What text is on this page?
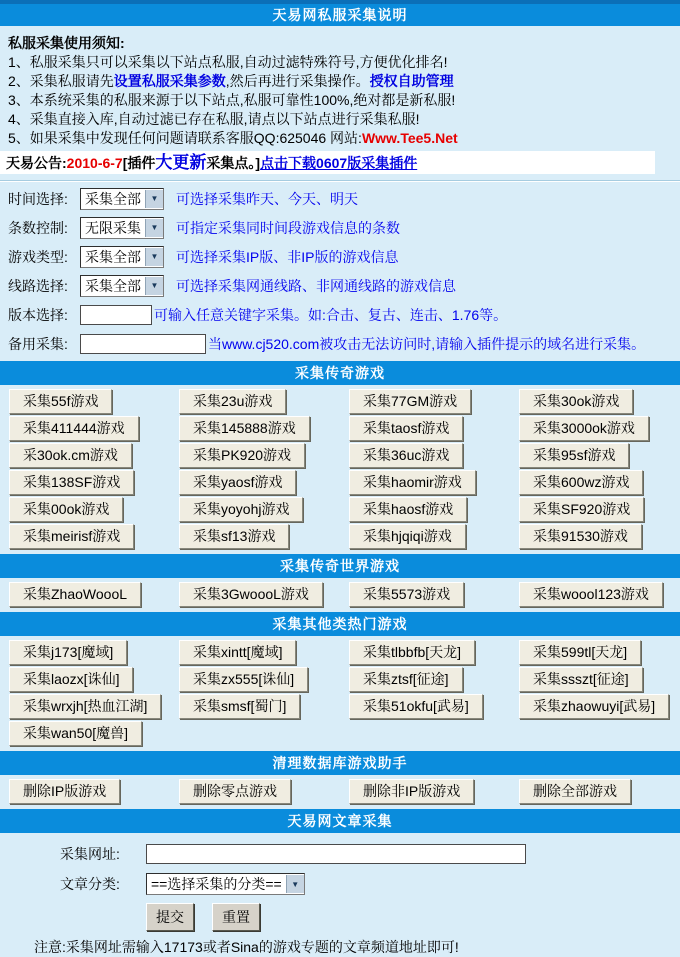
天易网私服采集说明
私服采集使用须知:
1、私服采集只可以采集以下站点私服,自动过滤特殊符号,方便优化排名!
2、采集私服请先设置私服采集参数,然后再进行采集操作。授权自助管理
3、本系统采集的私服来源于以下站点,私服可靠性100%,绝对都是新私服!
4、采集直接入库,自动过滤已存在私服,请点以下站点进行采集私服!
5、如果采集中发现任何问题请联系客服QQ:625046 网站:Www.Tee5.Net
天易公告:2010-6-7[插件大更新采集点。]点击下载0607版采集插件
时间选择:	采集全部	▼	可选择采集昨天、今天、明天
条数控制:	无限采集	▼	可指定采集同时间段游戏信息的条数
游戏类型:	采集全部	▼	可选择采集IP版、非IP版的游戏信息
线路选择:	采集全部	▼	可选择采集网通线路、非网通线路的游戏信息
版本选择:	可输入任意关键字采集。如:合击、复古、连击、1.76等。
备用采集:	当www.cj520.com被攻击无法访问时,请输入插件提示的域名进行采集。
采集传奇游戏
采集55f游戏	采集23u游戏	采集77GM游戏	采集30ok游戏
采集411444游戏	采集145888游戏	采集taosf游戏	采集3000ok游戏
采30ok.cm游戏	采集PK920游戏	采集36uc游戏	采集95sf游戏
采集138SF游戏	采集yaosf游戏	采集haomir游戏	采集600wz游戏
采集00ok游戏	采集yoyohj游戏	采集haosf游戏	采集SF920游戏
采集meirisf游戏	采集sf13游戏	采集hjqiqi游戏	采集91530游戏
采集传奇世界游戏
采集ZhaoWoooL	采集3GwoooL游戏	采集5573游戏	采集woool123游戏
采集其他类热门游戏
采集j173[魔域]	采集xintt[魔域]	采集tlbbfb[天龙]	采集599tl[天龙]
采集laozx[诛仙]	采集zx555[诛仙]	采集ztsf[征途]	采集ssszt[征途]
采集wrxjh[热血江湖]	采集smsf[蜀门]	采集51okfu[武易]	采集zhaowuyi[武易]
采集wan50[魔兽]
清理数据库游戏助手
删除IP版游戏	删除零点游戏	删除非IP版游戏	删除全部游戏
天易网文章采集
采集网址:
文章分类:	==选择采集的分类==	▼
提交	重置
注意:采集网址需输入17173或者Sina的游戏专题的文章频道地址即可!
